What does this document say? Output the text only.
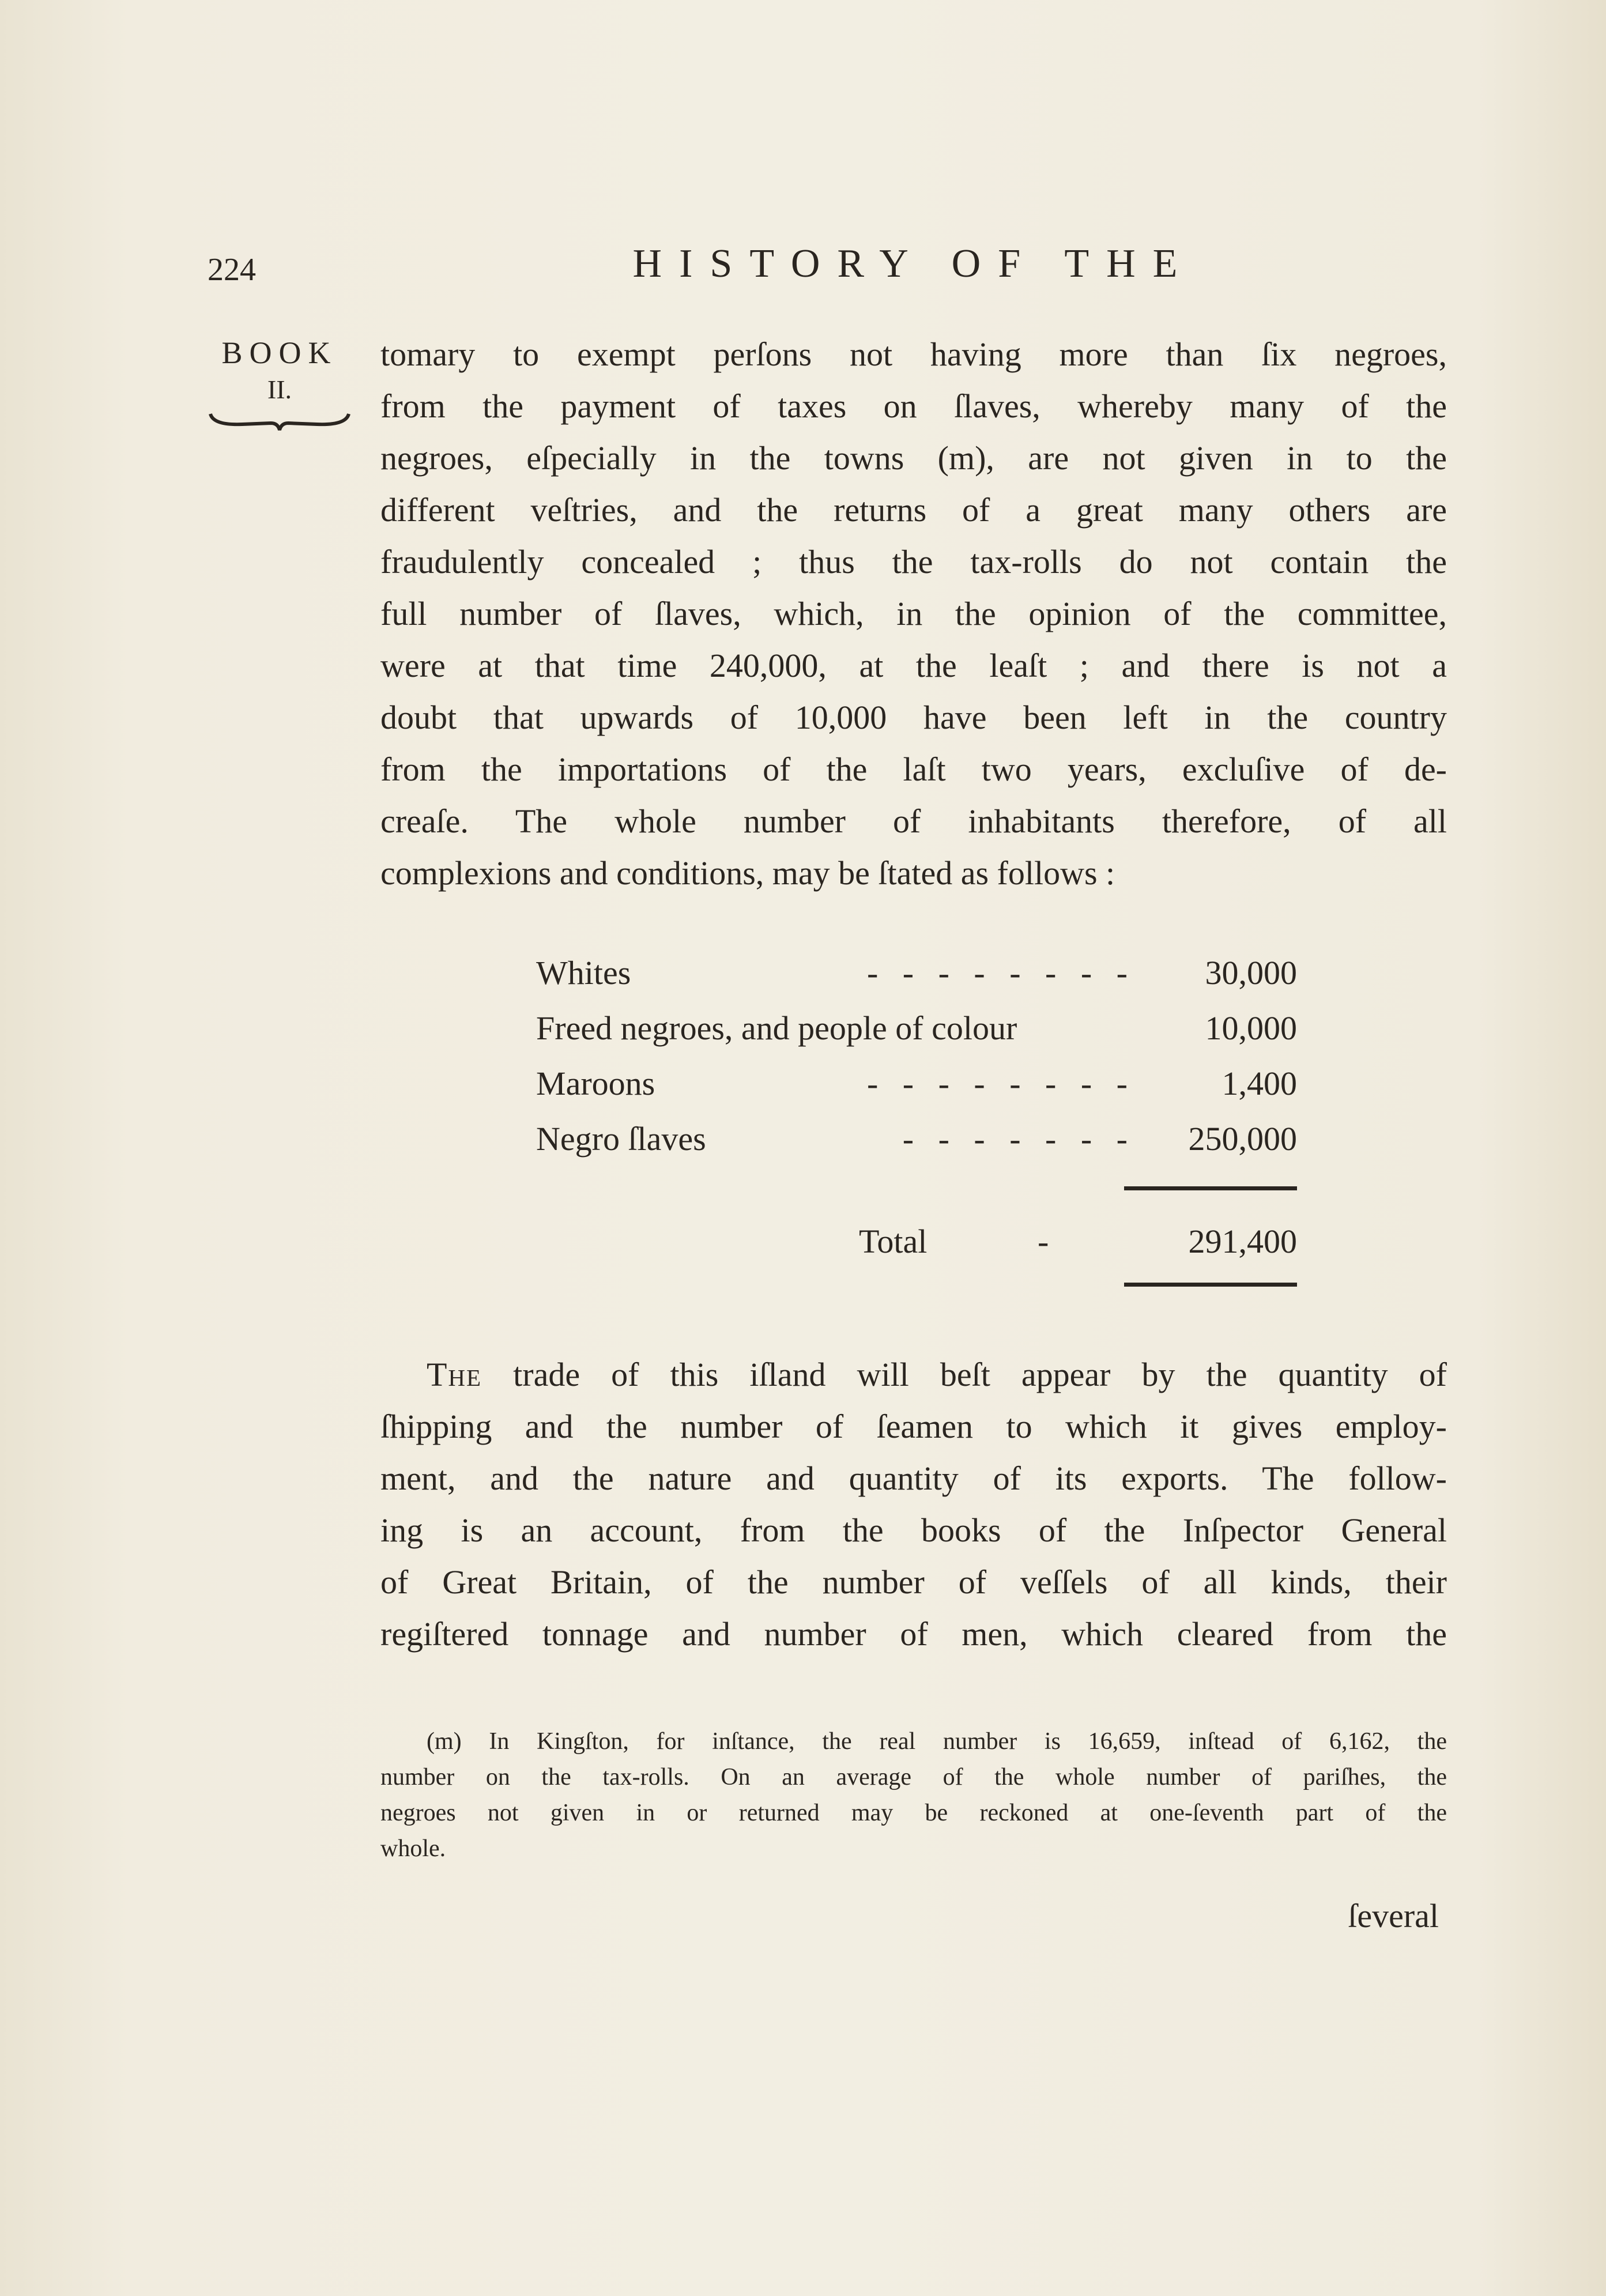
224	HISTORY OF THE
BOOK
II.
tomary to exempt perſons not having more than ſix negroes,
from the payment of taxes on ſlaves, whereby many of the
negroes, eſpecially in the towns (m), are not given in to the
different veſtries, and the returns of a great many others are
fraudulently concealed ; thus the tax-rolls do not contain the
full number of ſlaves, which, in the opinion of the committee,
were at that time 240,000, at the leaſt ; and there is not a
doubt that upwards of 10,000 have been left in the country
from the importations of the laſt two years, excluſive of de-
creaſe. The whole number of inhabitants therefore, of all
complexions and conditions, may be ſtated as follows :
Whites	- - - - - - - -	30,000
Freed negroes, and people of colour	10,000
Maroons	- - - - - - - -	1,400
Negro ſlaves	- - - - - - -	250,000
Total	-	291,400
The trade of this iſland will beſt appear by the quantity of
ſhipping and the number of ſeamen to which it gives employ-
ment, and the nature and quantity of its exports. The follow-
ing is an account, from the books of the Inſpector General
of Great Britain, of the number of veſſels of all kinds, their
regiſtered tonnage and number of men, which cleared from the
(m) In Kingſton, for inſtance, the real number is 16,659, inſtead of 6,162, the
number on the tax-rolls. On an average of the whole number of pariſhes, the
negroes not given in or returned may be reckoned at one-ſeventh part of the
whole.
ſeveral
